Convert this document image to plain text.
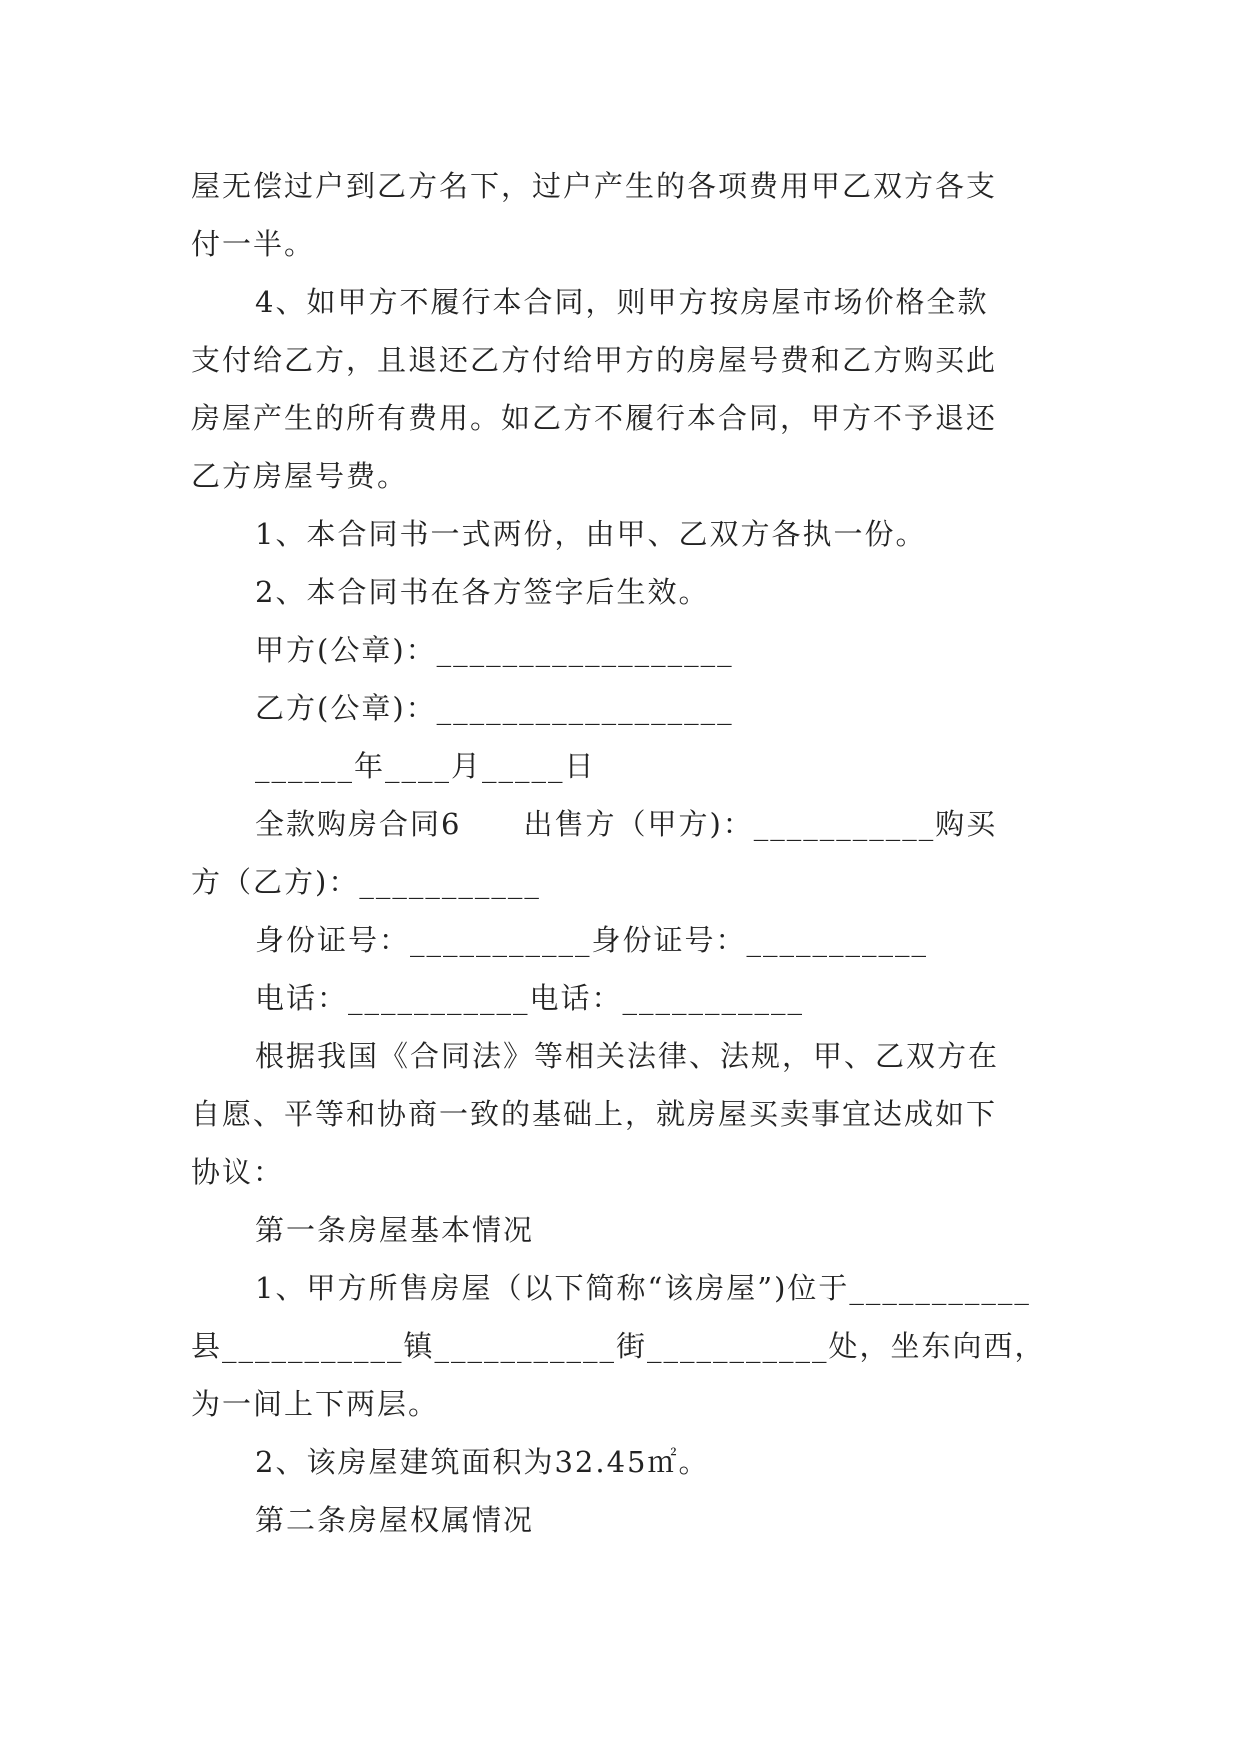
屋无偿过户到乙方名下，过户产生的各项费用甲乙双方各支
付一半。
4、如甲方不履行本合同，则甲方按房屋市场价格全款
支付给乙方，且退还乙方付给甲方的房屋号费和乙方购买此
房屋产生的所有费用。如乙方不履行本合同，甲方不予退还
乙方房屋号费。
1、本合同书一式两份，由甲、乙双方各执一份。
2、本合同书在各方签字后生效。
甲方(公章)：__________________
乙方(公章)：__________________
______年____月_____日
全款购房合同6　　出售方（甲方)：___________购买
方（乙方)：___________
身份证号：___________身份证号：___________
电话：___________电话：___________
根据我国《合同法》等相关法律、法规，甲、乙双方在
自愿、平等和协商一致的基础上，就房屋买卖事宜达成如下
协议：
第一条房屋基本情况
1、甲方所售房屋（以下简称“该房屋”)位于___________
县___________镇___________街___________处，坐东向西，
为一间上下两层。
2、该房屋建筑面积为32.45㎡。
第二条房屋权属情况
